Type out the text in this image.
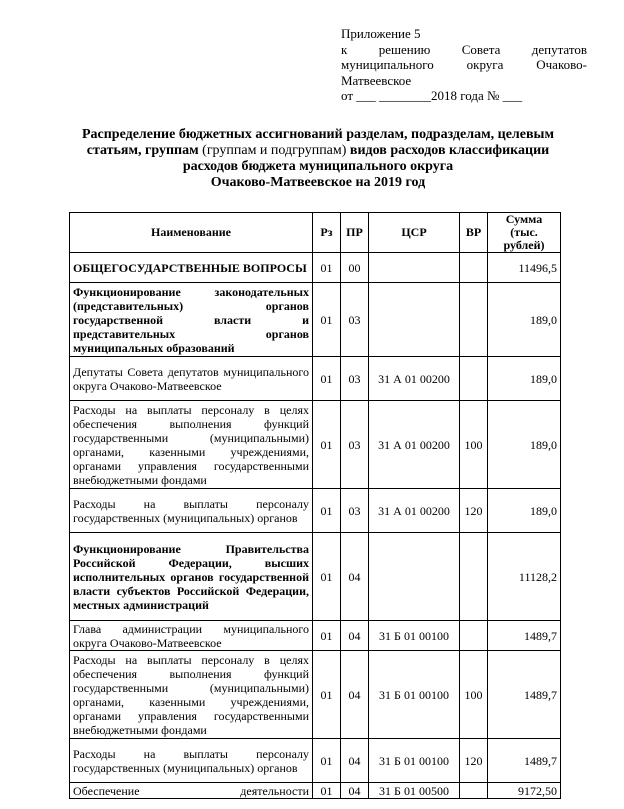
Приложение 5
к решению Совета депутатов муниципального округа Очаково-Матвеевское
от ___ ________2018 года № ___
Распределение бюджетных ассигнований разделам, подразделам, целевым статьям, группам (группам и подгруппам) видов расходов классификации расходов бюджета муниципального округа
Очаково-Матвеевское на 2019 год
Наименование	Рз	ПР	ЦСР	ВР	Сумма (тыс. рублей)
ОБЩЕГОСУДАРСТВЕННЫЕ ВОПРОСЫ	01	00			11496,5
Функционирование законодательных (представительных) органов государственной власти и представительных органов муниципальных образований	01	03			189,0
Депутаты Совета депутатов муниципального округа Очаково-Матвеевское	01	03	31 А 01 00200		189,0
Расходы на выплаты персоналу в целях обеспечения выполнения функций государственными (муниципальными) органами, казенными учреждениями, органами управления государственными внебюджетными фондами	01	03	31 А 01 00200	100	189,0
Расходы на выплаты персоналу государственных (муниципальных) органов	01	03	31 А 01 00200	120	189,0
Функционирование Правительства Российской Федерации, высших исполнительных органов государственной власти субъектов Российской Федерации, местных администраций	01	04			11128,2
Глава администрации муниципального округа Очаково-Матвеевское	01	04	31 Б 01 00100		1489,7
Расходы на выплаты персоналу в целях обеспечения выполнения функций государственными (муниципальными) органами, казенными учреждениями, органами управления государственными внебюджетными фондами	01	04	31 Б 01 00100	100	1489,7
Расходы на выплаты персоналу государственных (муниципальных) органов	01	04	31 Б 01 00100	120	1489,7
Обеспечение деятельности	01	04	31 Б 01 00500		9172,50
